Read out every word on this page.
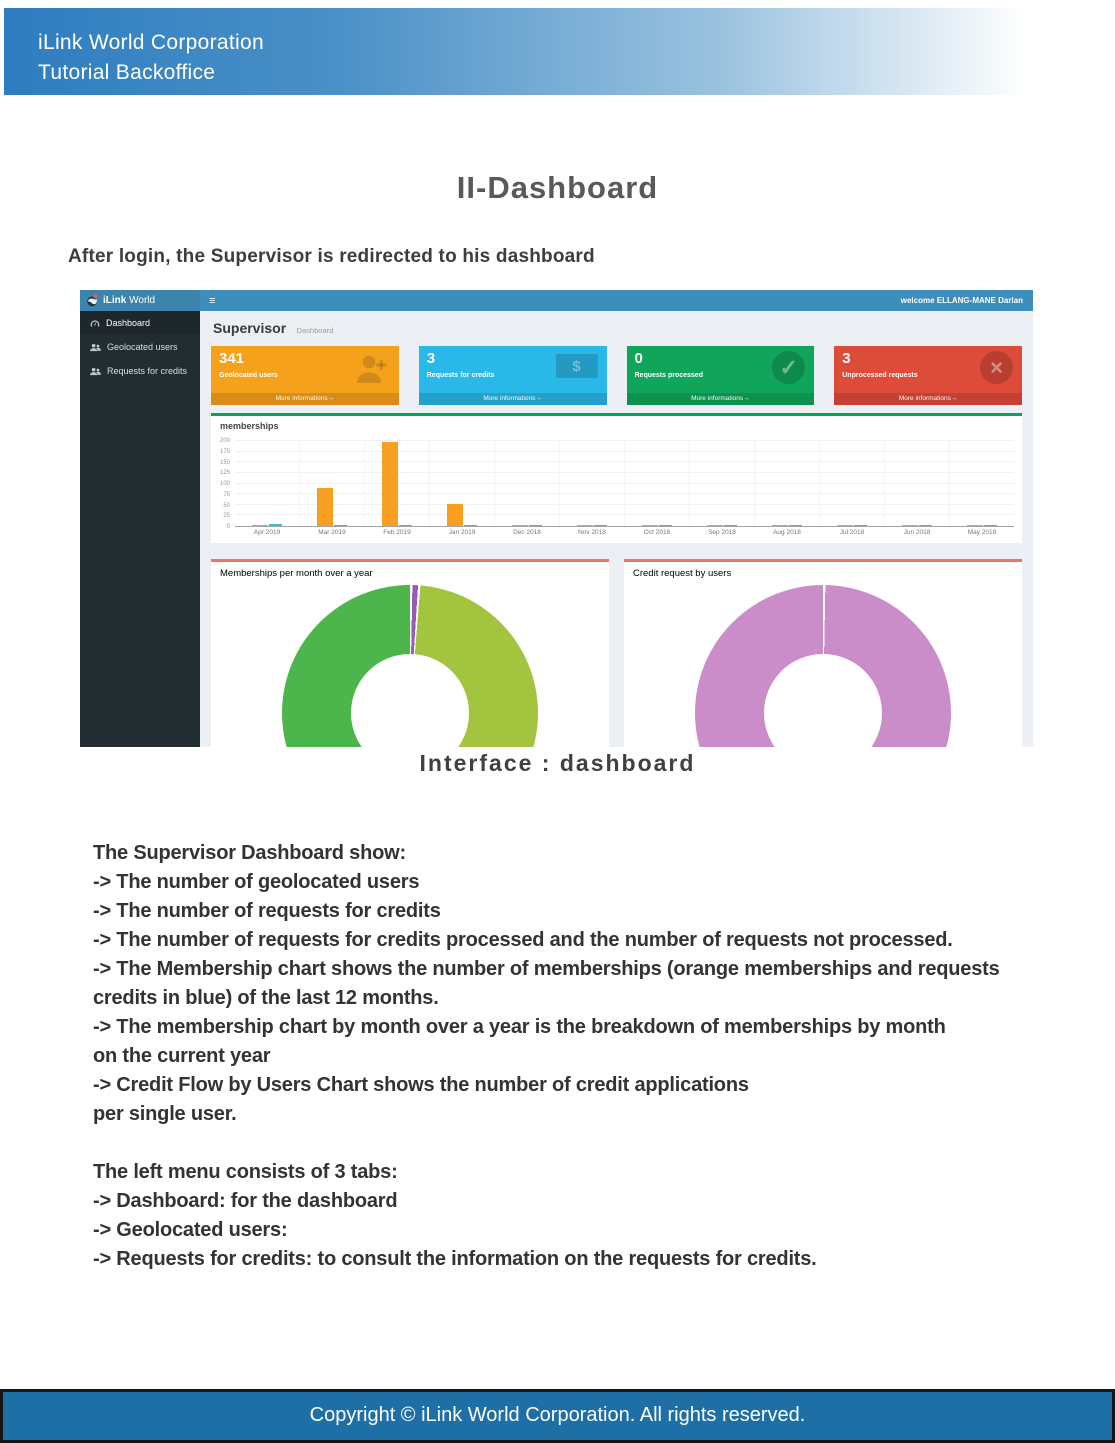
iLink World Corporation
Tutorial Backoffice
II-Dashboard
After login, the Supervisor is redirected to his dashboard
iLink World	≡	welcome ELLANG-MANE Darlan
Dashboard
Geolocated users
Requests for credits
Supervisor Dashboard
341
Geolocated users
More informations→
3
Requests for credits
$
More informations→
0
Requests processed	✓
More informations→
3
Unprocessed requests	×
More informations→
memberships
0
25
50
75
100
125
150
175
200
Apr 2019	Mar 2019	Feb 2019	Jan 2019	Dec 2018	Nov 2018	Oct 2018	Sep 2018	Aug 2018	Jul 2018	Jun 2018	May 2018
Memberships per month over a year	Credit request by users
Interface : dashboard
The Supervisor Dashboard show:
-> The number of geolocated users
-> The number of requests for credits
-> The number of requests for credits processed and the number of requests not processed.
-> The Membership chart shows the number of memberships (orange memberships and requests
credits in blue) of the last 12 months.
-> The membership chart by month over a year is the breakdown of memberships by month
on the current year
-> Credit Flow by Users Chart shows the number of credit applications
per single user.
The left menu consists of 3 tabs:
-> Dashboard: for the dashboard
-> Geolocated users:
-> Requests for credits: to consult the information on the requests for credits.
Copyright © iLink World Corporation. All rights reserved.
